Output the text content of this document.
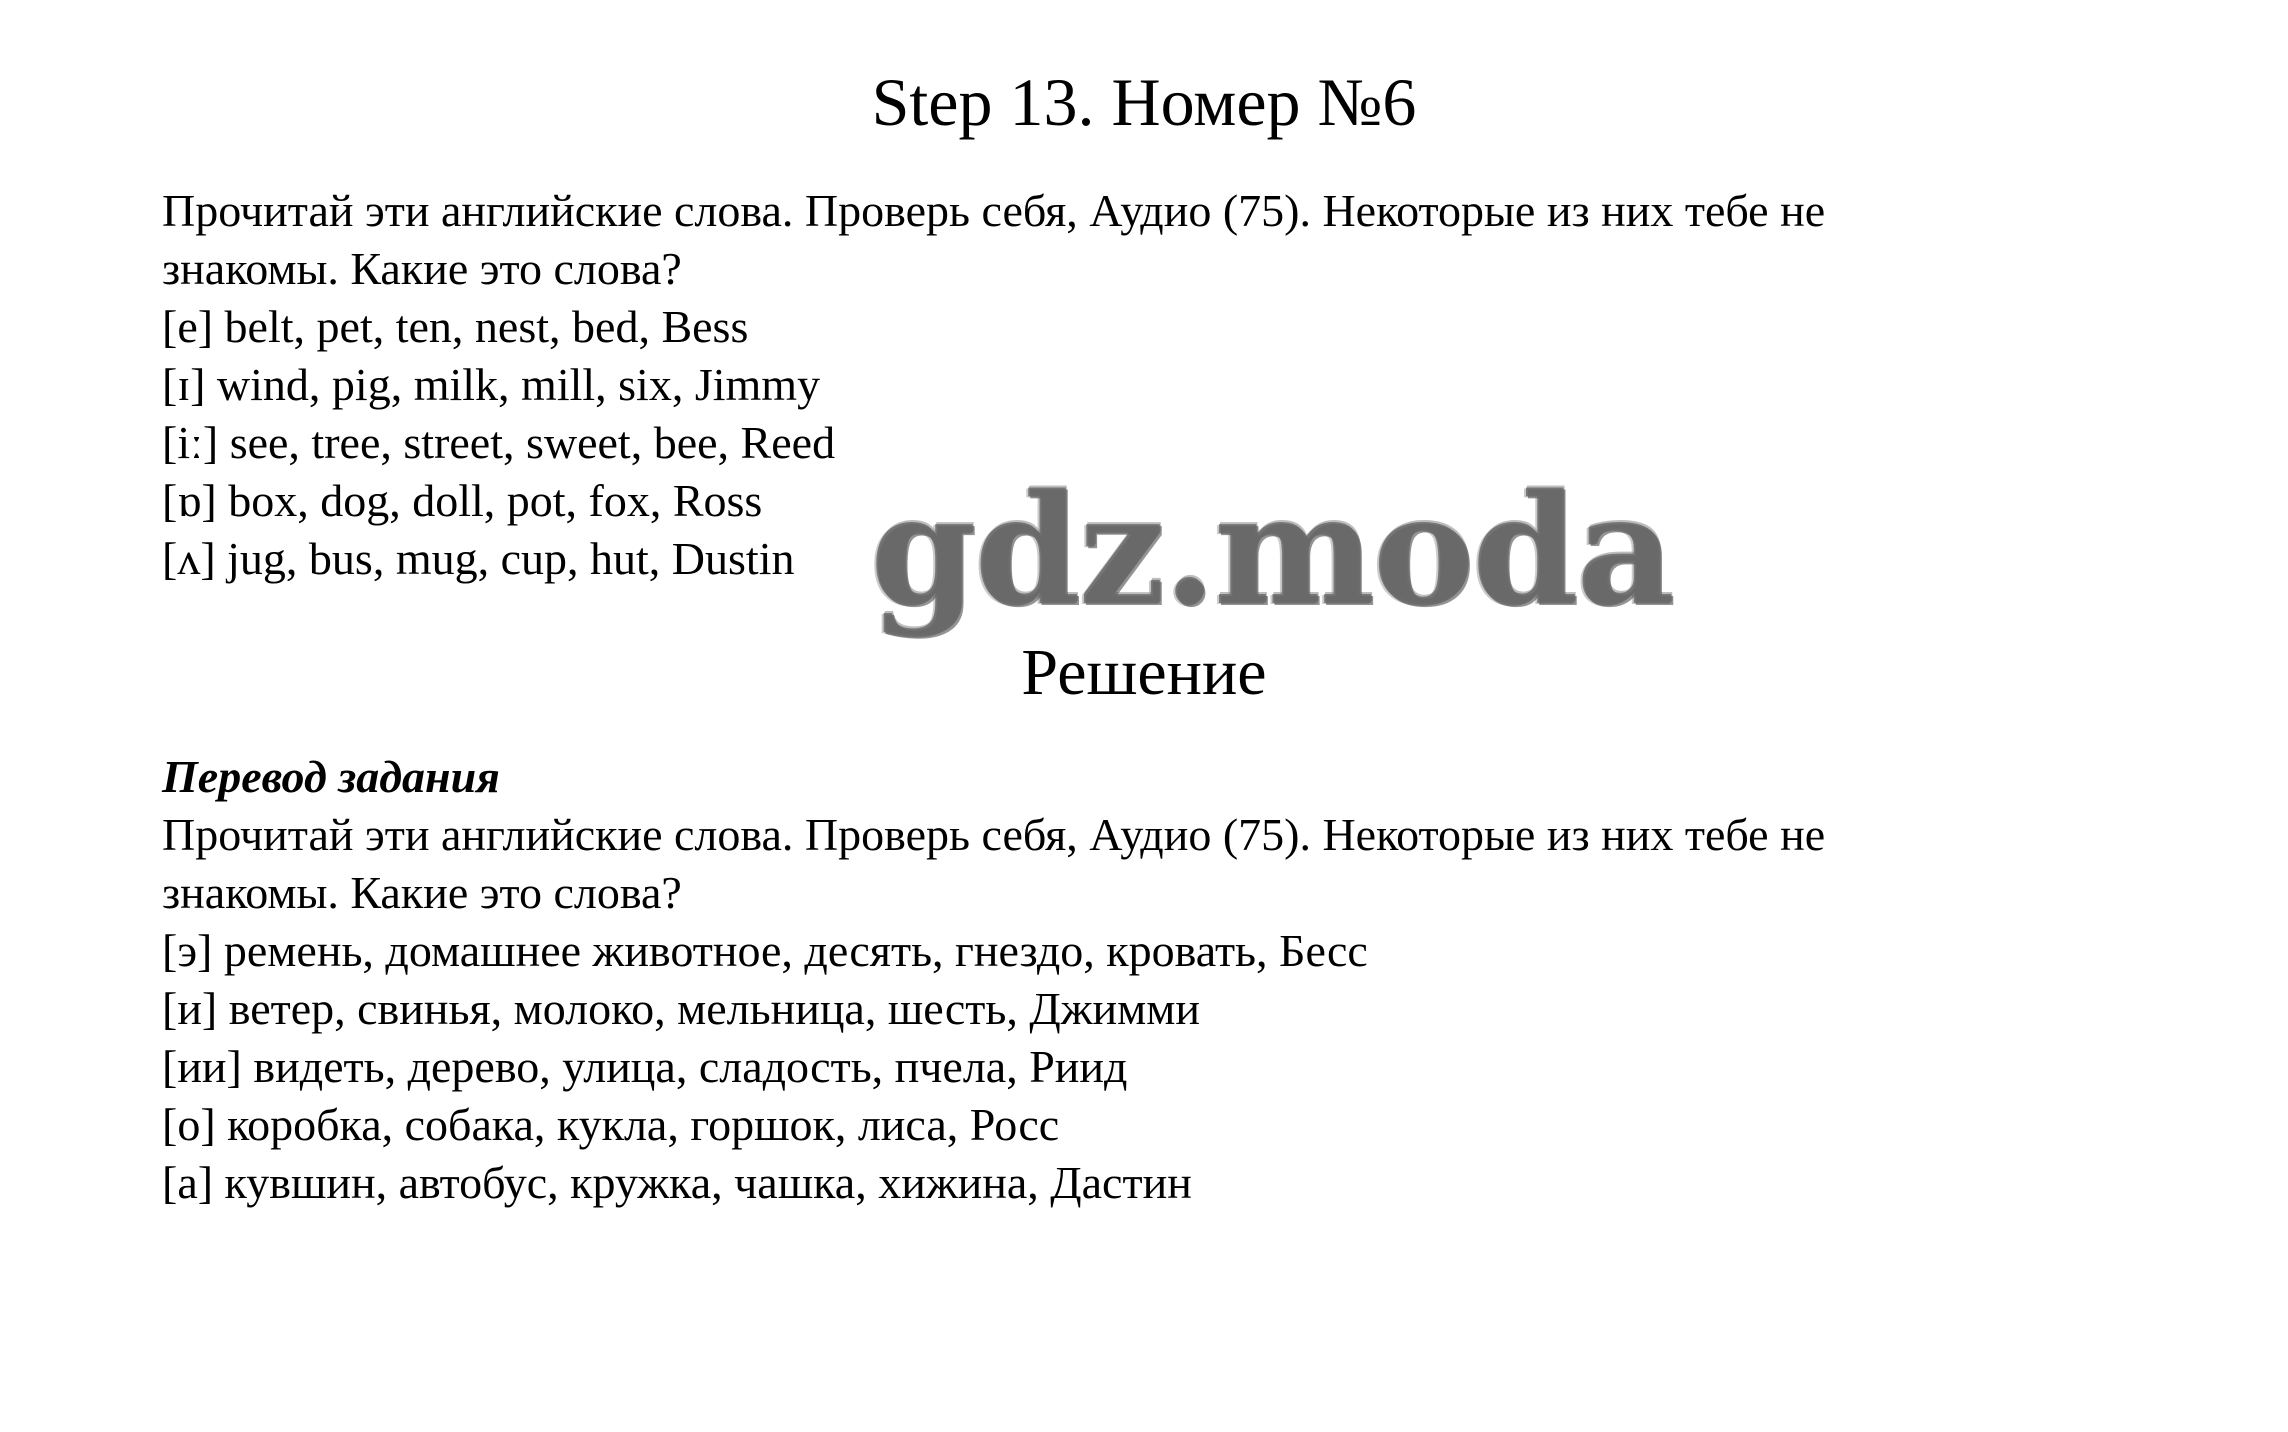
Step 13. Номер №6

Прочитай эти английские слова. Проверь себя, Аудио (75). Некоторые из них тебе не

знакомы. Какие это слова?

[e] belt, pet, ten, nest, bed, Bess

[ɪ] wind, pig, milk, mill, six, Jimmy

[iː] see, tree, street, sweet, bee, Reed

[ɒ] box, dog, doll, pot, fox, Ross

[ʌ] jug, bus, mug, cup, hut, Dustin gdz.moda
Решение

Перевод задания

Прочитай эти английские слова. Проверь себя, Аудио (75). Некоторые из них тебе не

знакомы. Какие это слова?

[э] ремень, домашнее животное, десять, гнездо, кровать, Бесс

[и] ветер, свинья, молоко, мельница, шесть, Джимми

[ии] видеть, дерево, улица, сладость, пчела, Риид

[о] коробка, собака, кукла, горшок, лиса, Росс

[а] кувшин, автобус, кружка, чашка, хижина, Дастин
